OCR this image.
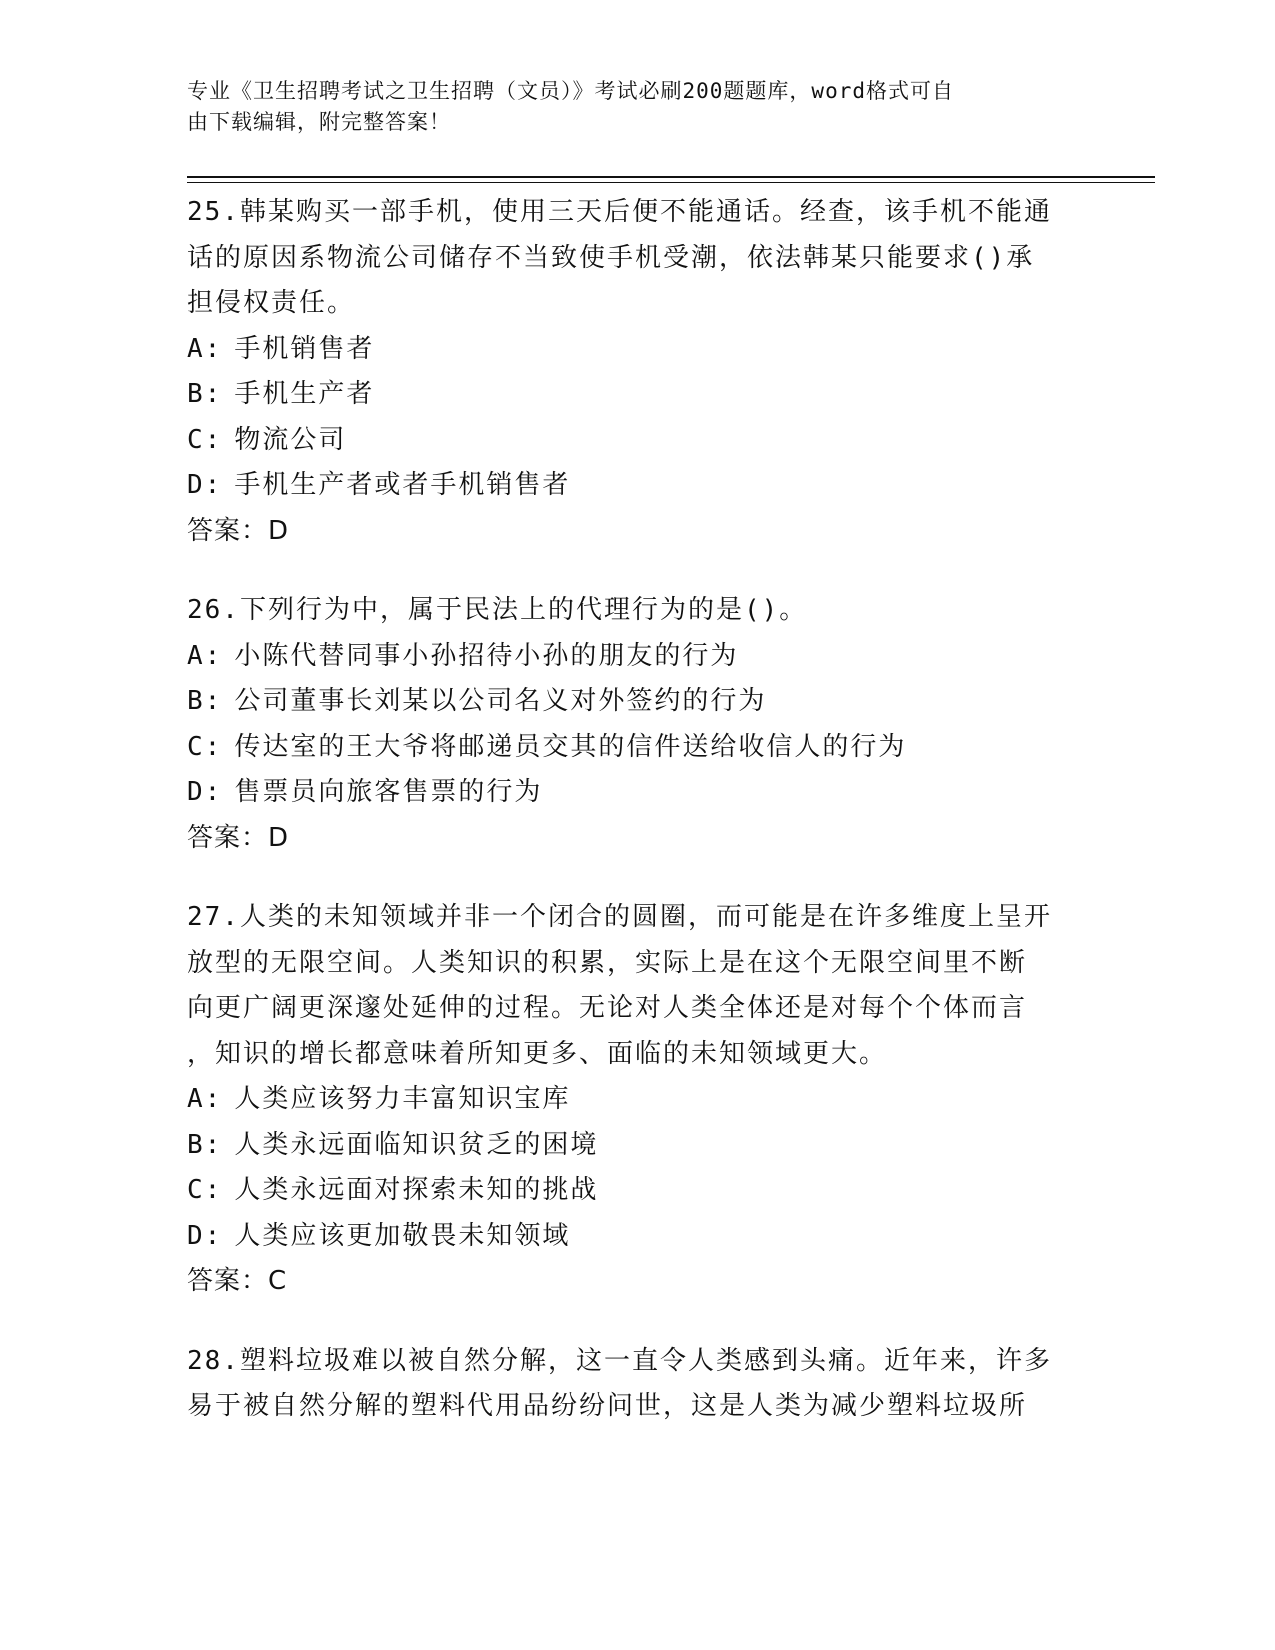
专业《卫生招聘考试之卫生招聘（文员）》考试必刷200题题库，word格式可自
由下载编辑，附完整答案！
25.韩某购买一部手机，使用三天后便不能通话。经查，该手机不能通
话的原因系物流公司储存不当致使手机受潮，依法韩某只能要求()承
担侵权责任。
A: 手机销售者
B: 手机生产者
C: 物流公司
D: 手机生产者或者手机销售者
答案：D
26.下列行为中，属于民法上的代理行为的是()。
A: 小陈代替同事小孙招待小孙的朋友的行为
B: 公司董事长刘某以公司名义对外签约的行为
C: 传达室的王大爷将邮递员交其的信件送给收信人的行为
D: 售票员向旅客售票的行为
答案：D
27.人类的未知领域并非一个闭合的圆圈，而可能是在许多维度上呈开
放型的无限空间。人类知识的积累，实际上是在这个无限空间里不断
向更广阔更深邃处延伸的过程。无论对人类全体还是对每个个体而言
，知识的增长都意味着所知更多、面临的未知领域更大。
A: 人类应该努力丰富知识宝库
B: 人类永远面临知识贫乏的困境
C: 人类永远面对探索未知的挑战
D: 人类应该更加敬畏未知领域
答案：C
28.塑料垃圾难以被自然分解，这一直令人类感到头痛。近年来，许多
易于被自然分解的塑料代用品纷纷问世，这是人类为减少塑料垃圾所
